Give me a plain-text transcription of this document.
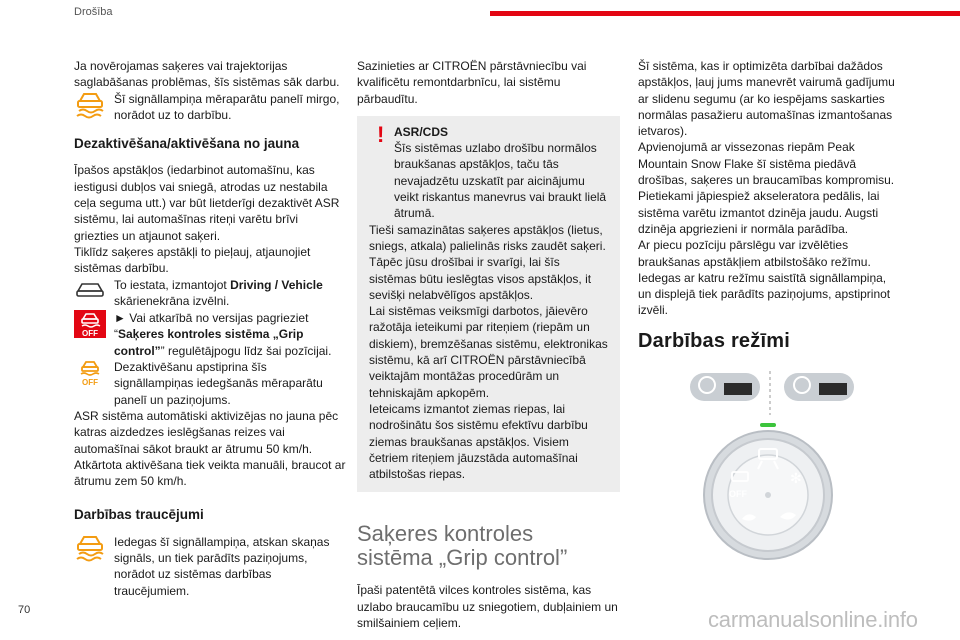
Drošība

Ja novērojamas saķeres vai trajektorijas saglabāšanas problēmas, šīs sistēmas sāk darbu.

Šī signāllampiņa mēraparātu panelī mirgo, norādot uz to darbību.

Dezaktivēšana/aktivēšana no jauna

Īpašos apstākļos (iedarbinot automašīnu, kas iestigusi dubļos vai sniegā, atrodas uz nestabila ceļa seguma utt.) var būt lietderīgi dezaktivēt ASR sistēmu, lai automašīnas riteņi varētu brīvi griezties un atjaunot saķeri.

Tiklīdz saķeres apstākļi to pieļauj, atjaunojiet sistēmas darbību.

To iestata, izmantojot Driving / Vehicle skārienekrāna izvēlni.

OFF

► Vai atkarībā no versijas pagrieziet “Saķeres kontroles sistēma „Grip control”” regulētājpogu līdz šai pozīcijai.

OFF

Dezaktivēšanu apstiprina šīs signāllampiņas iedegšanās mēraparātu panelī un paziņojums.

ASR sistēma automātiski aktivizējas no jauna pēc katras aizdedzes ieslēgšanas reizes vai automašīnai sākot braukt ar ātrumu 50 km/h.

Atkārtota aktivēšana tiek veikta manuāli, braucot ar ātrumu zem 50 km/h.

Darbības traucējumi

Iedegas šī signāllampiņa, atskan skaņas signāls, un tiek parādīts paziņojums, norādot uz sistēmas darbības traucējumiem.

Sazinieties ar CITROËN pārstāvniecību vai kvalificētu remontdarbnīcu, lai sistēmu pārbaudītu.

! ASR/CDS

Šīs sistēmas uzlabo drošību normālos braukšanas apstākļos, taču tās nevajadzētu uzskatīt par aicinājumu veikt riskantus manevrus vai braukt lielā ātrumā.

Tieši samazinātas saķeres apstākļos (lietus, sniegs, atkala) palielinās risks zaudēt saķeri. Tāpēc jūsu drošībai ir svarīgi, lai šīs sistēmas būtu ieslēgtas visos apstākļos, it sevišķi nelabvēlīgos apstākļos.

Lai sistēmas veiksmīgi darbotos, jāievēro ražotāja ieteikumi par riteņiem (riepām un diskiem), bremzēšanas sistēmu, elektronikas sistēmu, kā arī CITROËN pārstāvniecībā veiktajām montāžas procedūrām un tehniskajām apkopēm.

Ieteicams izmantot ziemas riepas, lai nodrošinātu šos sistēmu efektīvu darbību ziemas braukšanas apstākļos. Visiem četriem riteņiem jāuzstāda automašīnai atbilstošas riepas.

Saķeres kontroles
sistēma „Grip control”

Īpaši patentētā vilces kontroles sistēma, kas uzlabo braucamību uz sniegotiem, dubļainiem un smilšainiem ceļiem.

Šī sistēma, kas ir optimizēta darbībai dažādos apstākļos, ļauj jums manevrēt vairumā gadījumu ar slidenu segumu (ar ko iespējams saskarties normālas pasažieru automašīnas izmantošanas ietvaros).

Apvienojumā ar vissezonas riepām Peak Mountain Snow Flake šī sistēma piedāvā drošības, saķeres un braucamības kompromisu.

Pietiekami jāpiespiež akseleratora pedālis, lai sistēma varētu izmantot dzinēja jaudu. Augsti dzinēja apgriezieni ir normāla parādība.

Ar piecu pozīciju pārslēgu var izvēlēties braukšanas apstākļiem atbilstošāko režīmu.

Iedegas ar katru režīmu saistītā signāllampiņa, un displejā tiek parādīts paziņojums, apstiprinot izvēli.

Darbības režīmi
✻
OFF
70	carmanualsonline.info
